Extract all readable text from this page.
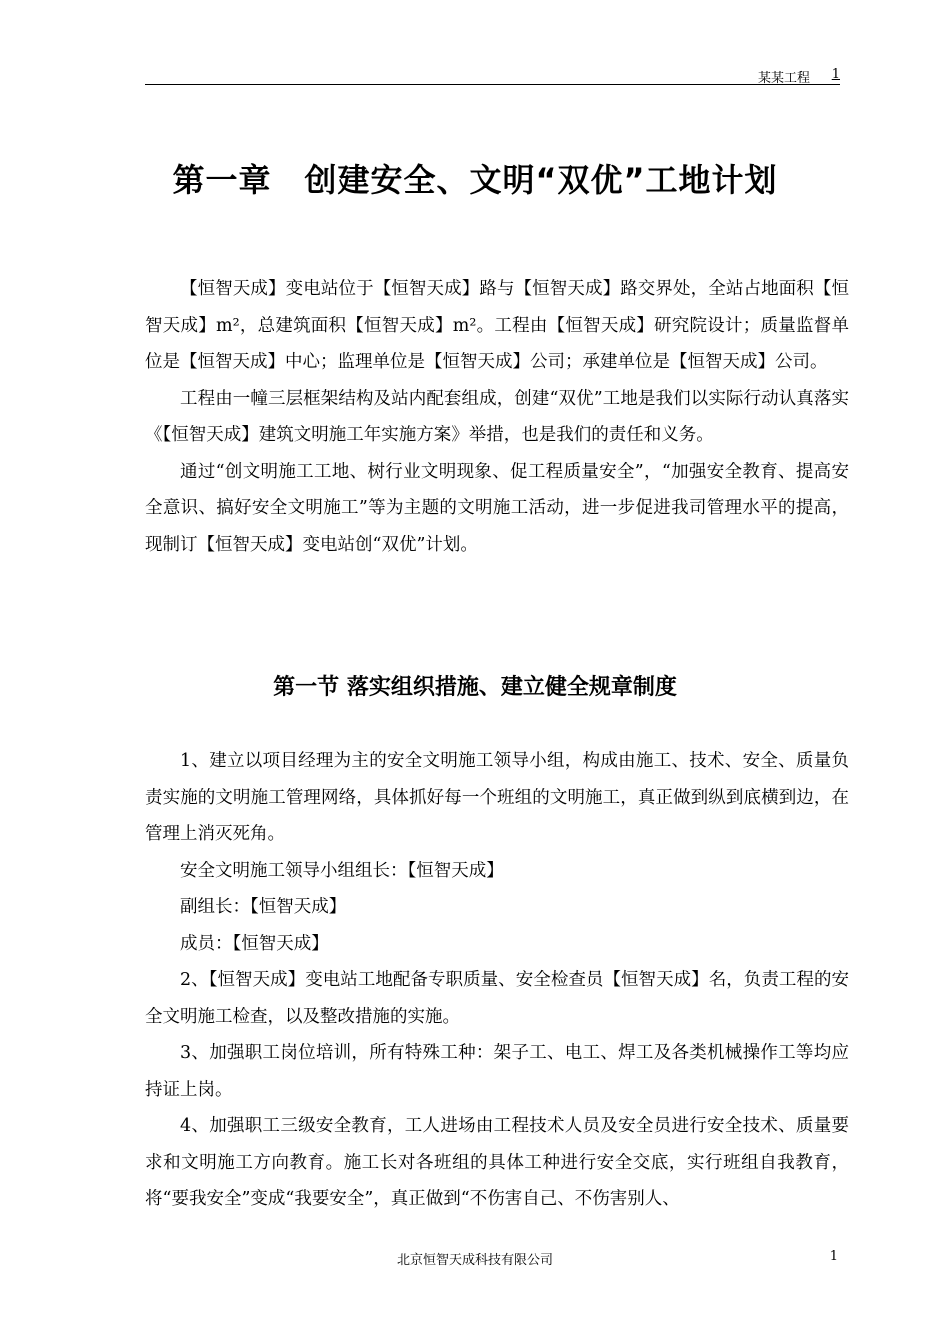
某某工程 1
第一章　创建安全、文明“双优”工地计划

【恒智天成】变电站位于【恒智天成】路与【恒智天成】路交界处，全站占地面积【恒智天成】m²，总建筑面积【恒智天成】m²。工程由【恒智天成】研究院设计；质量监督单位是【恒智天成】中心；监理单位是【恒智天成】公司；承建单位是【恒智天成】公司。

工程由一幢三层框架结构及站内配套组成，创建“双优”工地是我们以实际行动认真落实《【恒智天成】建筑文明施工年实施方案》举措，也是我们的责任和义务。

通过“创文明施工工地、树行业文明现象、促工程质量安全”，“加强安全教育、提高安全意识、搞好安全文明施工”等为主题的文明施工活动，进一步促进我司管理水平的提高，现制订【恒智天成】变电站创“双优”计划。

第一节 落实组织措施、建立健全规章制度

1、建立以项目经理为主的安全文明施工领导小组，构成由施工、技术、安全、质量负责实施的文明施工管理网络，具体抓好每一个班组的文明施工，真正做到纵到底横到边，在管理上消灭死角。

安全文明施工领导小组组长：【恒智天成】

副组长：【恒智天成】

成员：【恒智天成】

2、【恒智天成】变电站工地配备专职质量、安全检查员【恒智天成】名，负责工程的安全文明施工检查，以及整改措施的实施。

3、加强职工岗位培训，所有特殊工种：架子工、电工、焊工及各类机械操作工等均应持证上岗。

4、加强职工三级安全教育，工人进场由工程技术人员及安全员进行安全技术、质量要求和文明施工方向教育。施工长对各班组的具体工种进行安全交底，实行班组自我教育，将“要我安全”变成“我要安全”，真正做到“不伤害自己、不伤害别人、

北京恒智天成科技有限公司	1
